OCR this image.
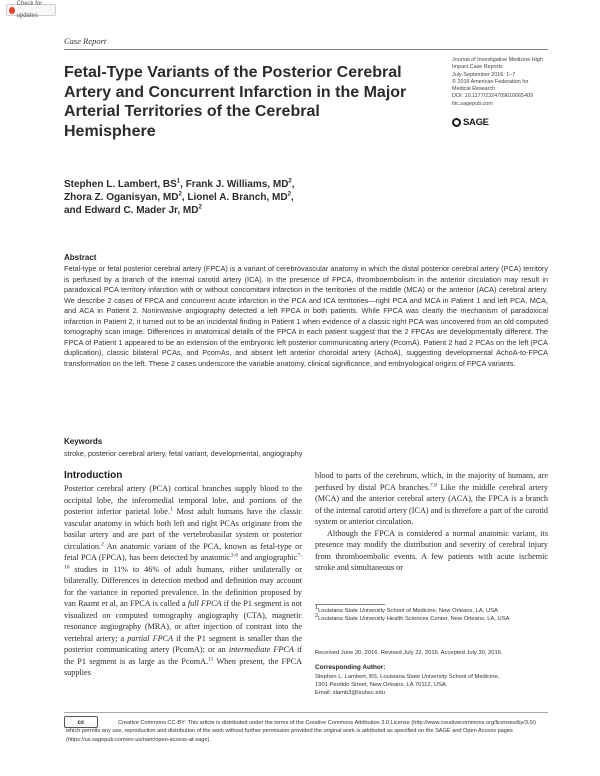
Check for updates
Case Report
Fetal-Type Variants of the Posterior Cerebral Artery and Concurrent Infarction in the Major Arterial Territories of the Cerebral Hemisphere
Journal of Investigative Medicine High
Impact Case Reports
July-September 2016: 1–7
© 2016 American Federation for
Medical Research
DOI: 10.1177/2324709616665409
hic.sagepub.com
SAGE
Stephen L. Lambert, $BS^1$, Frank J. Williams, $MD^2$,
Zhora Z. Oganisyan, $MD^2$, Lionel A. Branch, $MD^2$,
and Edward C. Mader Jr, $MD^2$
Abstract
Fetal-type or fetal posterior cerebral artery (FPCA) is a variant of cerebrovascular anatomy in which the distal posterior cerebral artery (PCA) territory is perfused by a branch of the internal carotid artery (ICA). In the presence of FPCA, thromboembolism in the anterior circulation may result in paradoxical PCA territory infarction with or without concomitant infarction in the territories of the middle (MCA) or the anterior (ACA) cerebral artery. We describe 2 cases of FPCA and concurrent acute infarction in the PCA and ICA territories—right PCA and MCA in Patient 1 and left PCA, MCA, and ACA in Patient 2. Noninvasive angiography detected a left FPCA in both patients. While FPCA was clearly the mechanism of paradoxical infarction in Patient 2, it turned out to be an incidental finding in Patient 1 when evidence of a classic right PCA was uncovered from an old computed tomography scan image. Differences in anatomical details of the FPCA in each patient suggest that the 2 FPCAs are developmentally different. The FPCA of Patient 1 appeared to be an extension of the embryonic left posterior communicating artery (PcomA). Patient 2 had 2 PCAs on the left (PCA duplication), classic bilateral PCAs, and PcomAs, and absent left anterior choroidal artery (AchoA), suggesting developmental AchoA-to-FPCA transformation on the left. These 2 cases underscore the variable anatomy, clinical significance, and embryological origins of FPCA variants.
Keywords
stroke, posterior cerebral artery, fetal variant, developmental, angiography
Introduction
Posterior cerebral artery (PCA) cortical branches supply blood to the occipital lobe, the inferomedial temporal lobe, and portions of the posterior inferior parietal lobe.$^1$ Most adult humans have the classic vascular anatomy in which both left and right PCAs originate from the basilar artery and are part of the vertebrobasilar system or posterior circulation.$^2$ An anatomic variant of the PCA, known as fetal-type or fetal PCA (FPCA), has been detected by anatomic$^{3-6}$ and angiographic$^{7-10}$ studies in 11% to 46% of adult humans, either unilaterally or bilaterally. Differences in detection method and definition may account for the variance in reported prevalence. In the definition proposed by van Raamt et al, an FPCA is called a full FPCA if the P1 segment is not visualized on computed tomography angiography (CTA), magnetic resonance angiography (MRA), or after injection of contrast into the vertebral artery; a partial FPCA if the P1 segment is smaller than the posterior communicating artery (PcomA); or an intermediate FPCA if the P1 segment is as large as the PcomA.$^{11}$ When present, the FPCA supplies
blood to parts of the cerebrum, which, in the majority of humans, are perfused by distal PCA branches.$^{7,8}$ Like the middle cerebral artery (MCA) and the anterior cerebral artery (ACA), the FPCA is a branch of the internal carotid artery (ICA) and is therefore a part of the carotid system or anterior circulation.
Although the FPCA is considered a normal anatomic variant, its presence may modify the distribution and severity of cerebral injury from thromboembolic events. A few patients with acute ischemic stroke and simultaneous or
$^1$Louisiana State University School of Medicine, New Orleans, LA, USA
$^2$Louisiana State University Health Sciences Center, New Orleans, LA, USA
Received June 20, 2016. Revised July 22, 2016. Accepted July 30, 2016.
Corresponding Author:
Stephen L. Lambert, BS, Louisiana State University School of Medicine,
1901 Perdido Street, New Orleans, LA 70112, USA.
Email: slamb3@lsuhsc.edu
cc	Creative Commons CC-BY: This article is distributed under the terms of the Creative Commons Attribution 3.0 License (http://www.creativecommons.org/licenses/by/3.0/) which permits any use, reproduction and distribution of the work without further permission provided the original work is attributed as specified on the SAGE and Open Access pages (https://us.sagepub.com/en-us/nam/open-access-at-sage).
